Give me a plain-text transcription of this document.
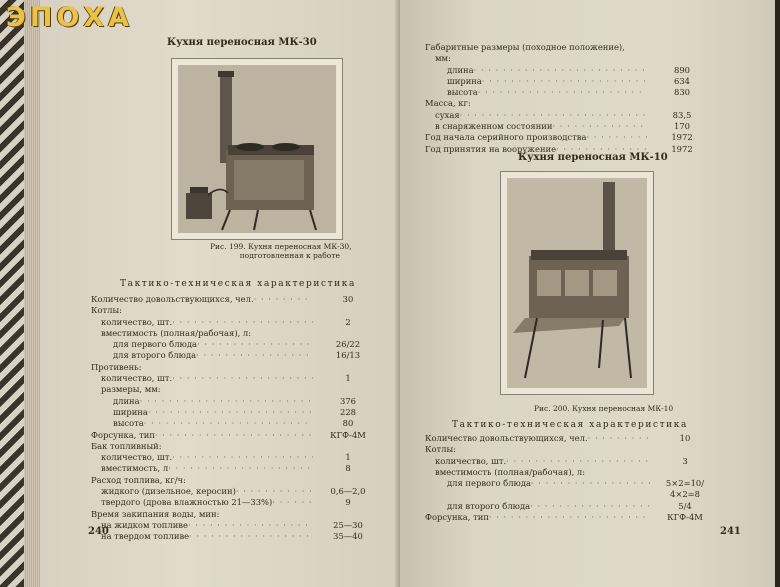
Кухня переносная МК-30
Рис. 199. Кухня переносная МК-30,
подготовленная к работе
Тактико-техническая характеристика
Количество довольствующихся, чел. · · ·	30
Котлы:
количество, шт. · · ·	2
вместимость (полная/рабочая), л:
для первого блюда · · ·	26/22
для второго блюда · · ·	16/13
Противень:
количество, шт. · · ·	1
размеры, мм:
длина · · ·	376
ширина · · ·	228
высота · · ·	80
Форсунка, тип · · ·	КГФ-4М
Бак топливный:
количество, шт. · · ·	1
вместимость, л · · ·	8
Расход топлива, кг/ч:
жидкого (дизельное, керосин) · · ·	0,6—2,0
твердого (дрова влажностью 21—33%) · · ·	9
Время закипания воды, мин:
на жидком топливе · · ·	25—30
на твердом топливе · · ·	35—40
240
Габаритные размеры (походное положение),
мм:
длина · · ·	890
ширина · · ·	634
высота · · ·	830
Масса, кг:
сухая · · ·	83,5
в снаряженном состоянии · · ·	170
Год начала серийного производства · · ·	1972
Год принятия на вооружение · · ·	1972
Кухня переносная МК-10
Рис. 200. Кухня переносная МК-10
Тактико-техническая характеристика
Количество довольствующихся, чел. · · ·	10
Котлы:
количество, шт. · · ·	3
вместимость (полная/рабочая), л:
для первого блюда · · ·	5×2=10/
4×2=8
для второго блюда · · ·	5/4
Форсунка, тип · · ·	КГФ-4М
241
ЭПОХА
